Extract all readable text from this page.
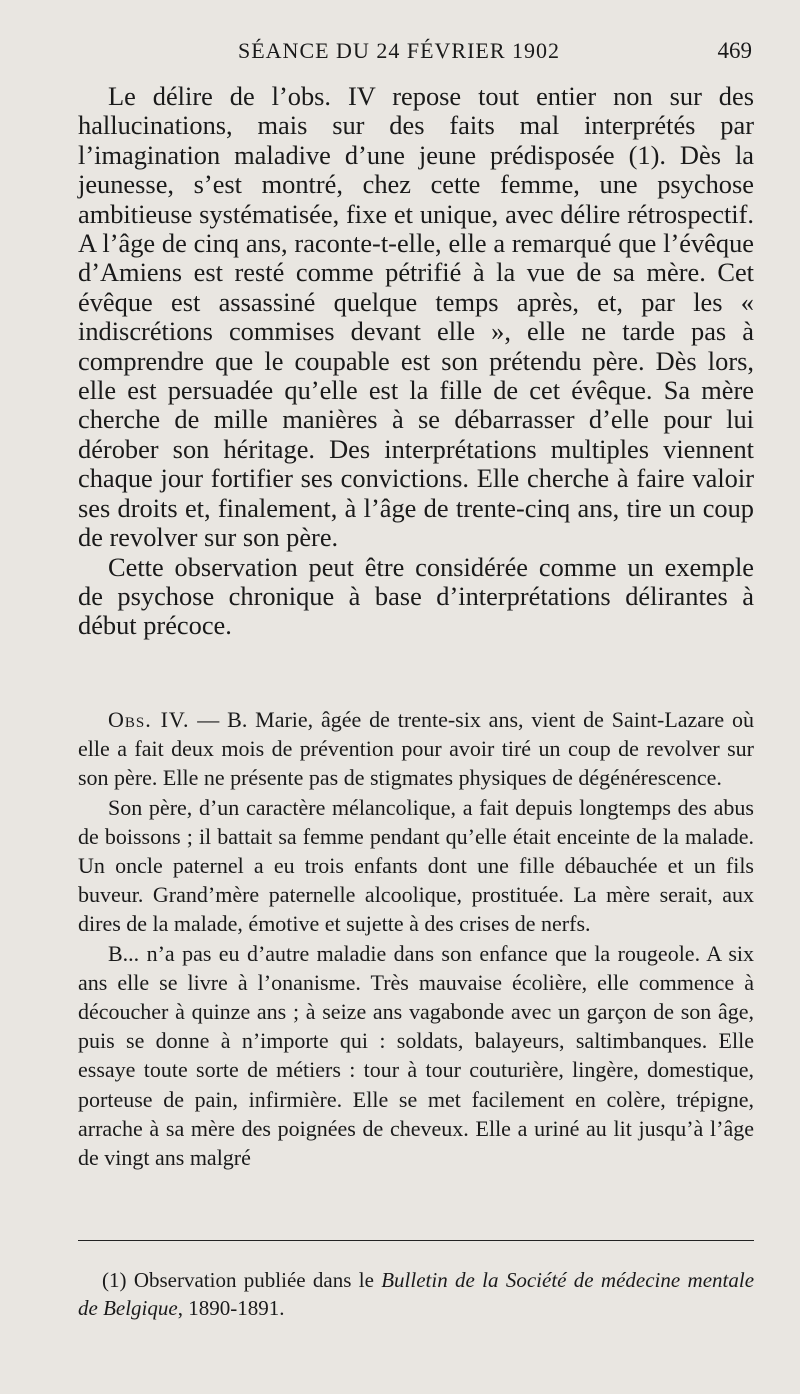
SÉANCE DU 24 FÉVRIER 1902	469

Le délire de l’obs. IV repose tout entier non sur des hallucinations, mais sur des faits mal interprétés par l’imagination maladive d’une jeune prédisposée (1). Dès la jeunesse, s’est montré, chez cette femme, une psychose ambitieuse systématisée, fixe et unique, avec délire rétrospectif. A l’âge de cinq ans, raconte-t-elle, elle a remarqué que l’évêque d’Amiens est resté comme pétrifié à la vue de sa mère. Cet évêque est assassiné quelque temps après, et, par les « indiscrétions commises devant elle », elle ne tarde pas à comprendre que le coupable est son prétendu père. Dès lors, elle est persuadée qu’elle est la fille de cet évêque. Sa mère cherche de mille manières à se débarrasser d’elle pour lui dérober son héritage. Des interprétations multiples viennent chaque jour fortifier ses convictions. Elle cherche à faire valoir ses droits et, finalement, à l’âge de trente-cinq ans, tire un coup de revolver sur son père.

Cette observation peut être considérée comme un exemple de psychose chronique à base d’interprétations délirantes à début précoce.

Obs. IV. — B. Marie, âgée de trente-six ans, vient de Saint-Lazare où elle a fait deux mois de prévention pour avoir tiré un coup de revolver sur son père. Elle ne présente pas de stigmates physiques de dégénérescence.

Son père, d’un caractère mélancolique, a fait depuis longtemps des abus de boissons ; il battait sa femme pendant qu’elle était enceinte de la malade. Un oncle paternel a eu trois enfants dont une fille débauchée et un fils buveur. Grand’mère paternelle alcoolique, prostituée. La mère serait, aux dires de la malade, émotive et sujette à des crises de nerfs.

B... n’a pas eu d’autre maladie dans son enfance que la rougeole. A six ans elle se livre à l’onanisme. Très mauvaise écolière, elle commence à découcher à quinze ans ; à seize ans vagabonde avec un garçon de son âge, puis se donne à n’importe qui : soldats, balayeurs, saltimbanques. Elle essaye toute sorte de métiers : tour à tour couturière, lingère, domestique, porteuse de pain, infirmière. Elle se met facilement en colère, trépigne, arrache à sa mère des poignées de cheveux. Elle a uriné au lit jusqu’à l’âge de vingt ans malgré

(1) Observation publiée dans le Bulletin de la Société de médecine mentale de Belgique, 1890-1891.
